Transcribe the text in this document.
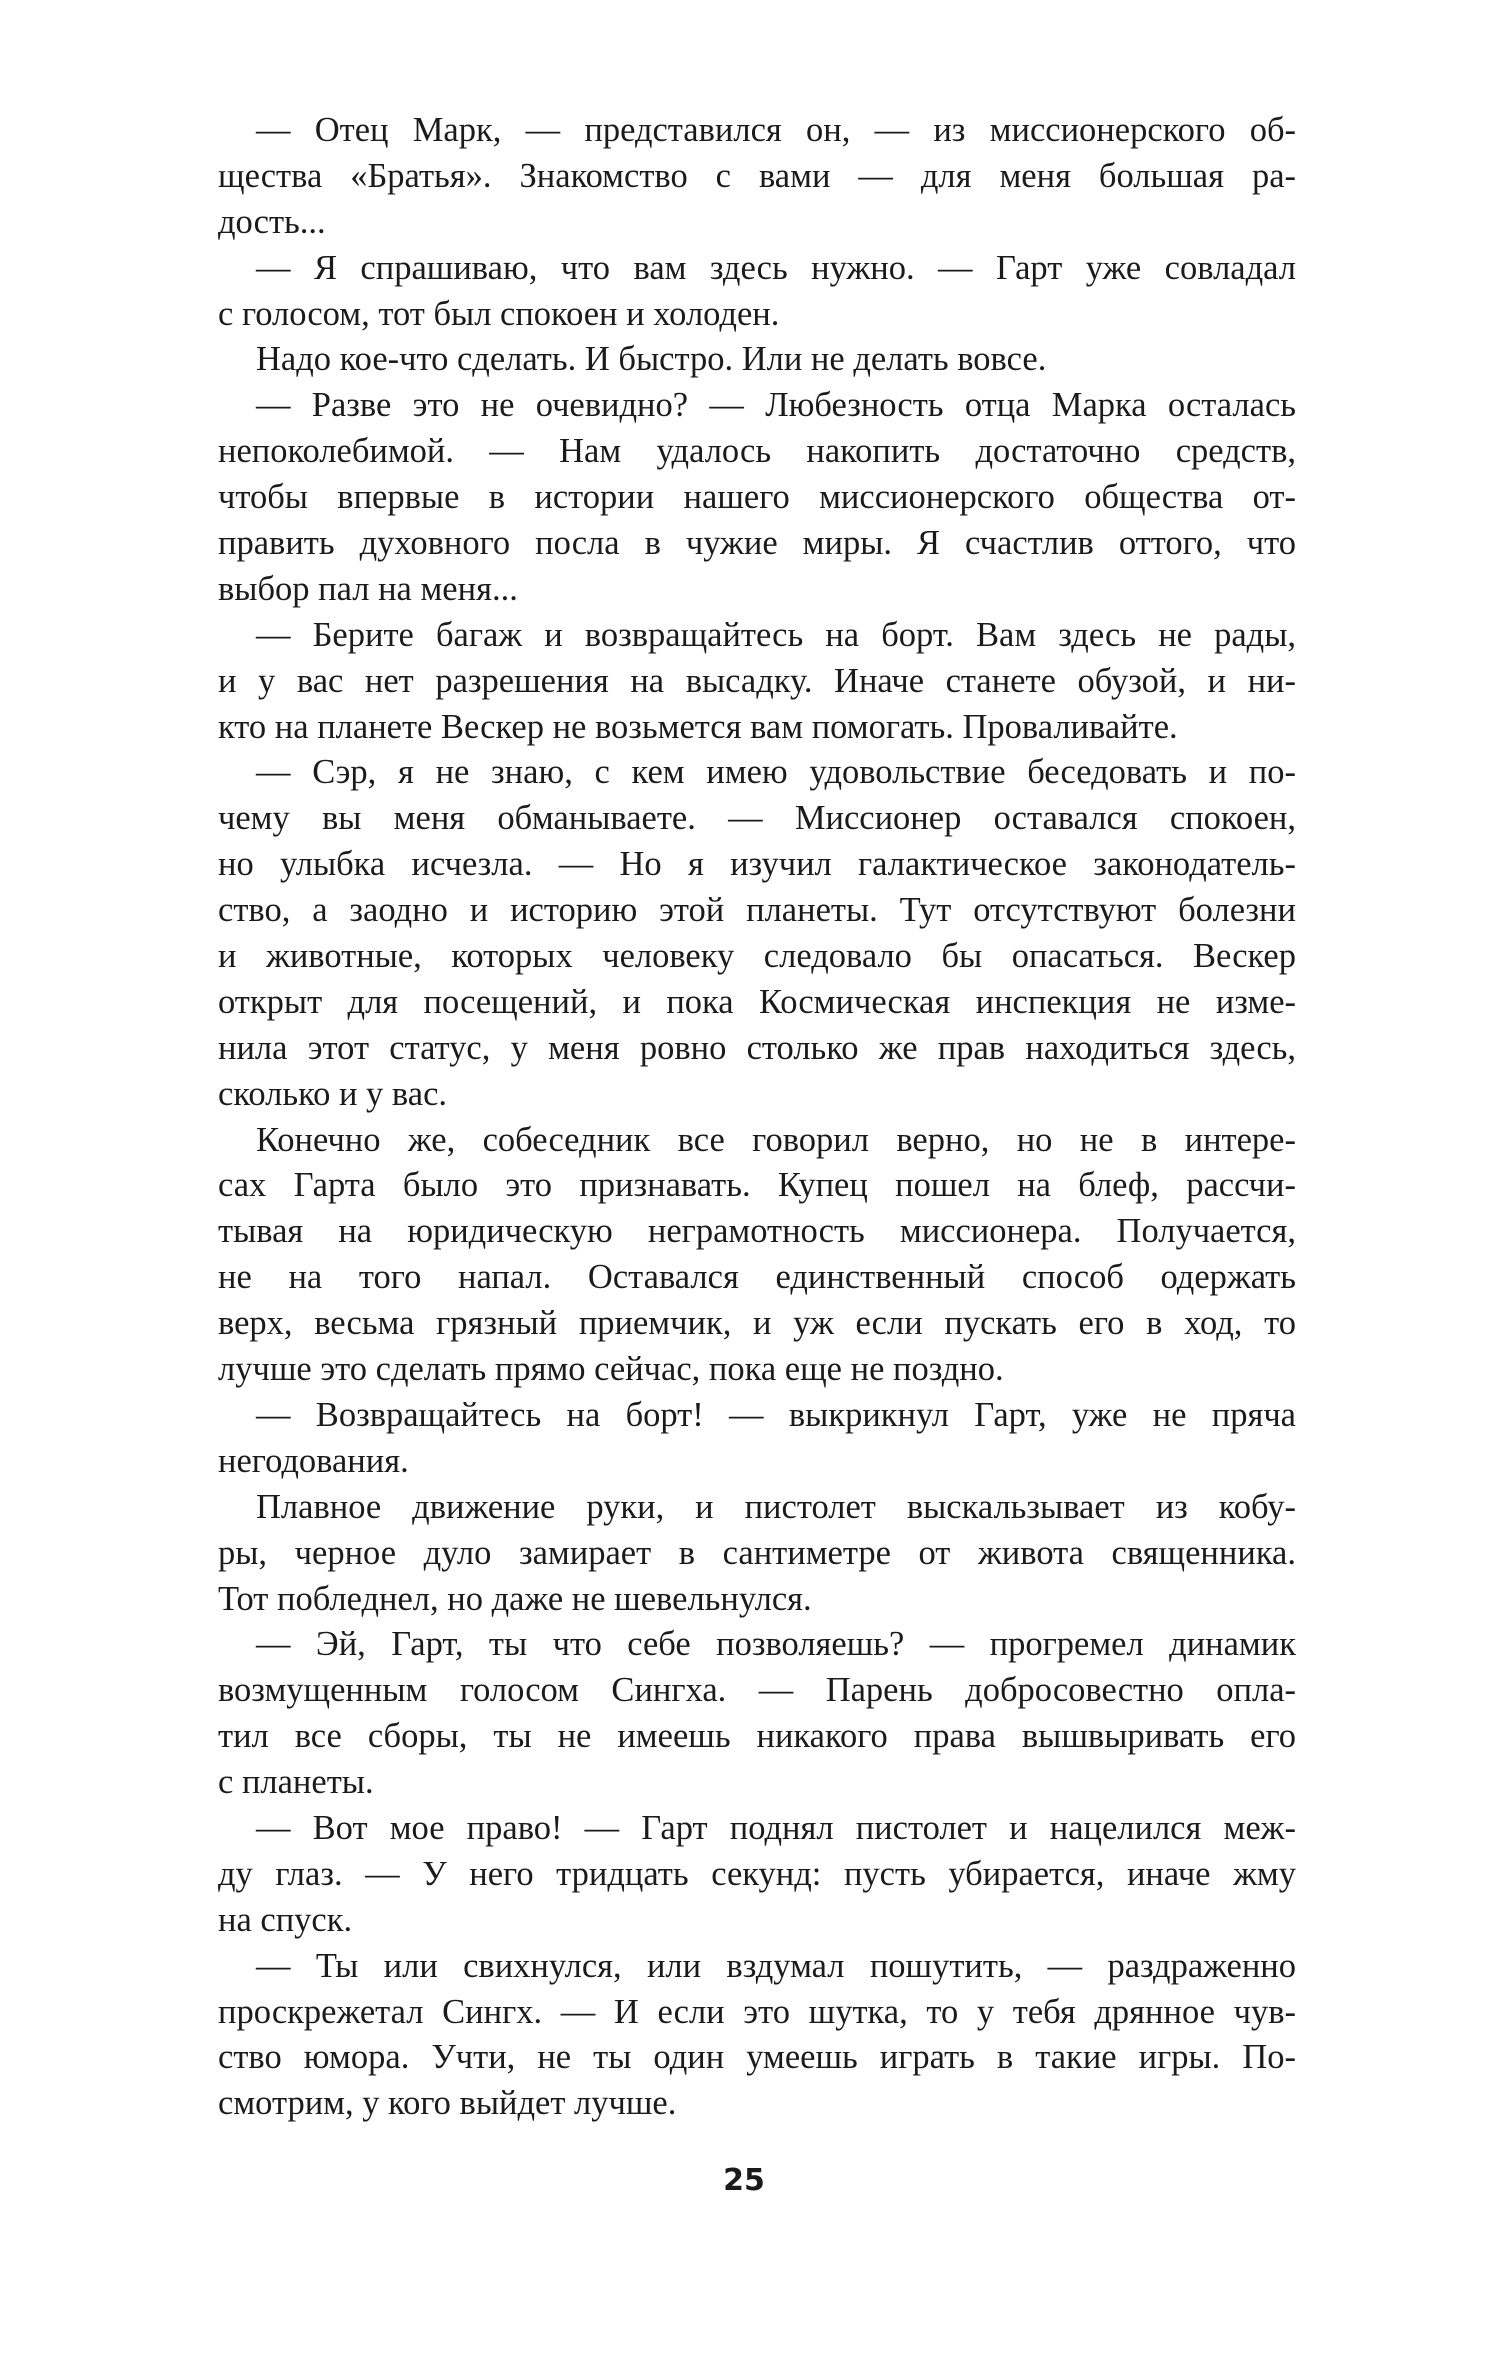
— Отец Марк, — представился он, — из миссионерского об-
щества «Братья». Знакомство с вами — для меня большая ра-
дость...
— Я спрашиваю, что вам здесь нужно. — Гарт уже совладал
с голосом, тот был спокоен и холоден.
Надо кое-что сделать. И быстро. Или не делать вовсе.
— Разве это не очевидно? — Любезность отца Марка осталась
непоколебимой. — Нам удалось накопить достаточно средств,
чтобы впервые в истории нашего миссионерского общества от-
править духовного посла в чужие миры. Я счастлив оттого, что
выбор пал на меня...
— Берите багаж и возвращайтесь на борт. Вам здесь не рады,
и у вас нет разрешения на высадку. Иначе станете обузой, и ни-
кто на планете Вескер не возьмется вам помогать. Проваливайте.
— Сэр, я не знаю, с кем имею удовольствие беседовать и по-
чему вы меня обманываете. — Миссионер оставался спокоен,
но улыбка исчезла. — Но я изучил галактическое законодатель-
ство, а заодно и историю этой планеты. Тут отсутствуют болезни
и животные, которых человеку следовало бы опасаться. Вескер
открыт для посещений, и пока Космическая инспекция не изме-
нила этот статус, у меня ровно столько же прав находиться здесь,
сколько и у вас.
Конечно же, собеседник все говорил верно, но не в интере-
сах Гарта было это признавать. Купец пошел на блеф, рассчи-
тывая на юридическую неграмотность миссионера. Получается,
не на того напал. Оставался единственный способ одержать
верх, весьма грязный приемчик, и уж если пускать его в ход, то
лучше это сделать прямо сейчас, пока еще не поздно.
— Возвращайтесь на борт! — выкрикнул Гарт, уже не пряча
негодования.
Плавное движение руки, и пистолет выскальзывает из кобу-
ры, черное дуло замирает в сантиметре от живота священника.
Тот побледнел, но даже не шевельнулся.
— Эй, Гарт, ты что себе позволяешь? — прогремел динамик
возмущенным голосом Сингха. — Парень добросовестно опла-
тил все сборы, ты не имеешь никакого права вышвыривать его
с планеты.
— Вот мое право! — Гарт поднял пистолет и нацелился меж-
ду глаз. — У него тридцать секунд: пусть убирается, иначе жму
на спуск.
— Ты или свихнулся, или вздумал пошутить, — раздраженно
проскрежетал Сингх. — И если это шутка, то у тебя дрянное чув-
ство юмора. Учти, не ты один умеешь играть в такие игры. По-
смотрим, у кого выйдет лучше.
25
